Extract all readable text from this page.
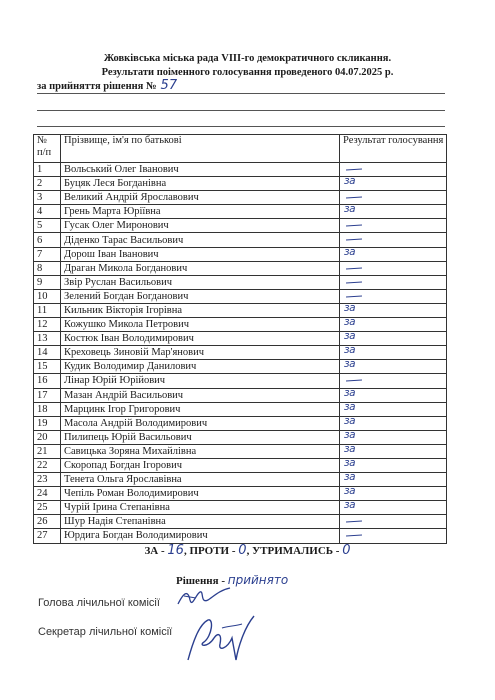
Жовківська міська рада VIII-го демократичного скликання.
Результати поіменного голосування проведеного 04.07.2025 р.
за прийняття рішення № 57
№
п/п	Прізвище, ім'я по батькові	Результат голосування
1	Вольський Олег Іванович	

2	Буцяк Леся Богданівна	за

3	Великий Андрій Ярославович	

4	Грень Марта Юріївна	за

5	Гусак Олег Миронович	

6	Діденко Тарас Васильович	

7	Дорош Іван Іванович	за

8	Драган Микола Богданович	

9	Звір Руслан Васильович	

10	Зелений Богдан Богданович	

11	Кильник Вікторія Ігорівна	за

12	Кожушко Микола Петрович	за

13	Костюк Іван Володимирович	за

14	Креховець Зиновій Мар'янович	за

15	Кудик Володимир Данилович	за

16	Лінар Юрій Юрійович	

17	Мазан Андрій Васильович	за

18	Марцинк Ігор Григорович	за

19	Масола Андрій Володимирович	за

20	Пилипець Юрій Васильович	за

21	Савицька Зоряна Михайлівна	за

22	Скоропад Богдан Ігорович	за

23	Тенета Ольга Ярославівна	за

24	Чепіль Роман Володимирович	за

25	Чурій Ірина Степанівна	за

26	Шур Надія Степанівна	

27	Юрдига Богдан Володимирович	
ЗА - 16, ПРОТИ - 0, УТРИМАЛИСЬ - 0
Рішення - прийнято
Голова лічильної комісії
Секретар лічильної комісії
